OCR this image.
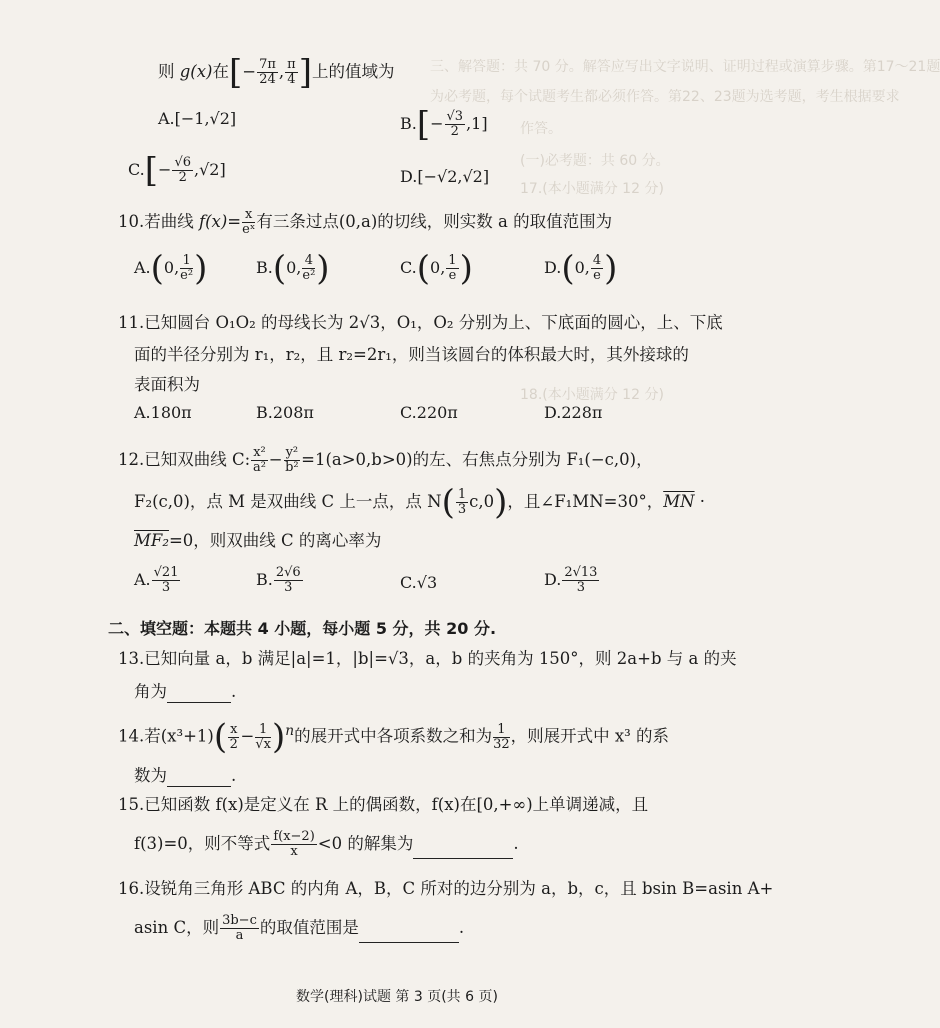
三、解答题：共 70 分。解答应写出文字说明、证明过程或演算步骤。第17～21题
为必考题，每个试题考生都必须作答。第22、23题为选考题，考生根据要求
作答。
(一)必考题：共 60 分。
17.(本小题满分 12 分)
18.(本小题满分 12 分)
则 g(x)在[− $\frac{7\pi}{24}$ , $\frac{\pi}{4}$ ]上的值域为
A.[−1,√2]	$B.[- \frac{√3}{2} ,1]$
$C.[- \frac{√6}{2} ,√2]$	D.[−√2,√2]
10.若曲线 $f(x)= \frac{x}{\text{eˣ}}$ 有三条过点(0,a)的切线，则实数 a 的取值范围为
A.(0, $\frac{1}{\text{e²}}$ )	B.(0, $\frac{4}{\text{e²}}$ )	C.(0, $\frac{1}{e}$ )	D.(0, $\frac{4}{e}$ )
11.已知圆台 O₁O₂ 的母线长为 2√3，O₁，O₂ 分别为上、下底面的圆心，上、下底
面的半径分别为 r₁，r₂，且 r₂=2r₁，则当该圆台的体积最大时，其外接球的
表面积为
A.180π	B.208π	C.220π	D.228π
12.已知双曲线 C: $\frac{\text{x²}}{\text{a²}} - \frac{\text{y²}}{\text{b²}} =1(a>0,b>0)$的左、右焦点分别为 F₁(−c,0)，
F₂(c,0)，点 M 是双曲线 C 上一点，点 $N( \frac{1}{3} c,0)$，且∠F₁MN=30°，$\overline{MN}$ ·
MF₂=0，则双曲线 C 的离心率为
A. $\frac{√21}{3}$	B. $\frac{2√6}{3}$	C.√3	D. $\frac{2√13}{3}$
二、填空题：本题共 4 小题，每小题 5 分，共 20 分.
13.已知向量 a，b 满足|a|=1，|b|=√3，a，b 的夹角为 150°，则 2a+b 与 a 的夹
角为	.
14.若$(x^3+1)( \frac{x}{2} - \frac{1}{√x} )^n$的展开式中各项系数之和为 $\frac{1}{32}$ ，则展开式中 x³ 的系
数为	.
15.已知函数 f(x)是定义在 R 上的偶函数，f(x)在[0,+∞)上单调递减，且
f(3)=0，则不等式 $\frac{f(x-2)}{x} <0$ 的解集为	.
16.设锐角三角形 ABC 的内角 A，B，C 所对的边分别为 a，b，c，且 bsin B=asin A+
asin C，则 $\frac{3b-c}{a}$ 的取值范围是	.
数学(理科)试题 第 3 页(共 6 页)
